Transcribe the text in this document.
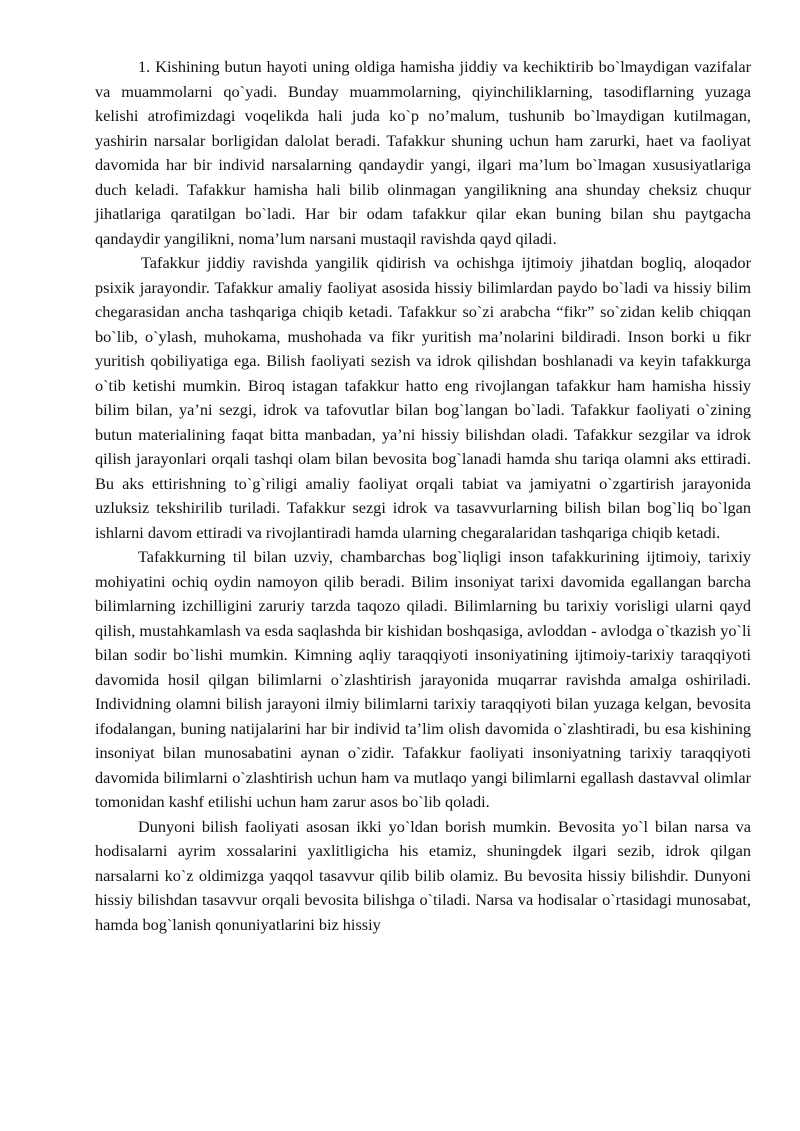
1. Kishining butun hayoti uning oldiga hamisha jiddiy va kechiktirib bo`lmaydigan vazifalar va muammolarni qo`yadi. Bunday muammolarning, qiyinchiliklarning, tasodiflarning yuzaga kelishi atrofimizdagi voqelikda hali juda ko`p no’malum, tushunib bo`lmaydigan kutilmagan, yashirin narsalar borligidan dalolat beradi. Tafakkur shuning uchun ham zarurki, haet va faoliyat davomida har bir individ narsalarning qandaydir yangi, ilgari ma’lum bo`lmagan xususiyatlariga duch keladi. Tafakkur hamisha hali bilib olinmagan yangilikning ana shunday cheksiz chuqur jihatlariga qaratilgan bo`ladi. Har bir odam tafakkur qilar ekan buning bilan shu paytgacha qandaydir yangilikni, noma’lum narsani mustaqil ravishda qayd qiladi.

Tafakkur jiddiy ravishda yangilik qidirish va ochishga ijtimoiy jihatdan bogliq, aloqador psixik jarayondir. Tafakkur amaliy faoliyat asosida hissiy bilimlardan paydo bo`ladi va hissiy bilim chegarasidan ancha tashqariga chiqib ketadi. Tafakkur so`zi arabcha “fikr” so`zidan kelib chiqqan bo`lib, o`ylash, muhokama, mushohada va fikr yuritish ma’nolarini bildiradi. Inson borki u fikr yuritish qobiliyatiga ega. Bilish faoliyati sezish va idrok qilishdan boshlanadi va keyin tafakkurga o`tib ketishi mumkin. Biroq istagan tafakkur hatto eng rivojlangan tafakkur ham hamisha hissiy bilim bilan, ya’ni sezgi, idrok va tafovutlar bilan bog`langan bo`ladi. Tafakkur faoliyati o`zining butun materialining faqat bitta manbadan, ya’ni hissiy bilishdan oladi. Tafakkur sezgilar va idrok qilish jarayonlari orqali tashqi olam bilan bevosita bog`lanadi hamda shu tariqa olamni aks ettiradi. Bu aks ettirishning to`g`riligi amaliy faoliyat orqali tabiat va jamiyatni o`zgartirish jarayonida uzluksiz tekshirilib turiladi. Tafakkur sezgi idrok va tasavvurlarning bilish bilan bog`liq bo`lgan ishlarni davom ettiradi va rivojlantiradi hamda ularning chegaralaridan tashqariga chiqib ketadi.

Tafakkurning til bilan uzviy, chambarchas bog`liqligi inson tafakkurining ijtimoiy, tarixiy mohiyatini ochiq oydin namoyon qilib beradi. Bilim insoniyat tarixi davomida egallangan barcha bilimlarning izchilligini zaruriy tarzda taqozo qiladi. Bilimlarning bu tarixiy vorisligi ularni qayd qilish, mustahkamlash va esda saqlashda bir kishidan boshqasiga, avloddan - avlodga o`tkazish yo`li bilan sodir bo`lishi mumkin. Kimning aqliy taraqqiyoti insoniyatining ijtimoiy-tarixiy taraqqiyoti davomida hosil qilgan bilimlarni o`zlashtirish jarayonida muqarrar ravishda amalga oshiriladi. Individning olamni bilish jarayoni ilmiy bilimlarni tarixiy taraqqiyoti bilan yuzaga kelgan, bevosita ifodalangan, buning natijalarini har bir individ ta’lim olish davomida o`zlashtiradi, bu esa kishining insoniyat bilan munosabatini aynan o`zidir. Tafakkur faoliyati insoniyatning tarixiy taraqqiyoti davomida bilimlarni o`zlashtirish uchun ham va mutlaqo yangi bilimlarni egallash dastavval olimlar tomonidan kashf etilishi uchun ham zarur asos bo`lib qoladi.

Dunyoni bilish faoliyati asosan ikki yo`ldan borish mumkin. Bevosita yo`l bilan narsa va hodisalarni ayrim xossalarini yaxlitligicha his etamiz, shuningdek ilgari sezib, idrok qilgan narsalarni ko`z oldimizga yaqqol tasavvur qilib bilib olamiz. Bu bevosita hissiy bilishdir. Dunyoni hissiy bilishdan tasavvur orqali bevosita bilishga o`tiladi. Narsa va hodisalar o`rtasidagi munosabat, hamda bog`lanish qonuniyatlarini biz hissiy
